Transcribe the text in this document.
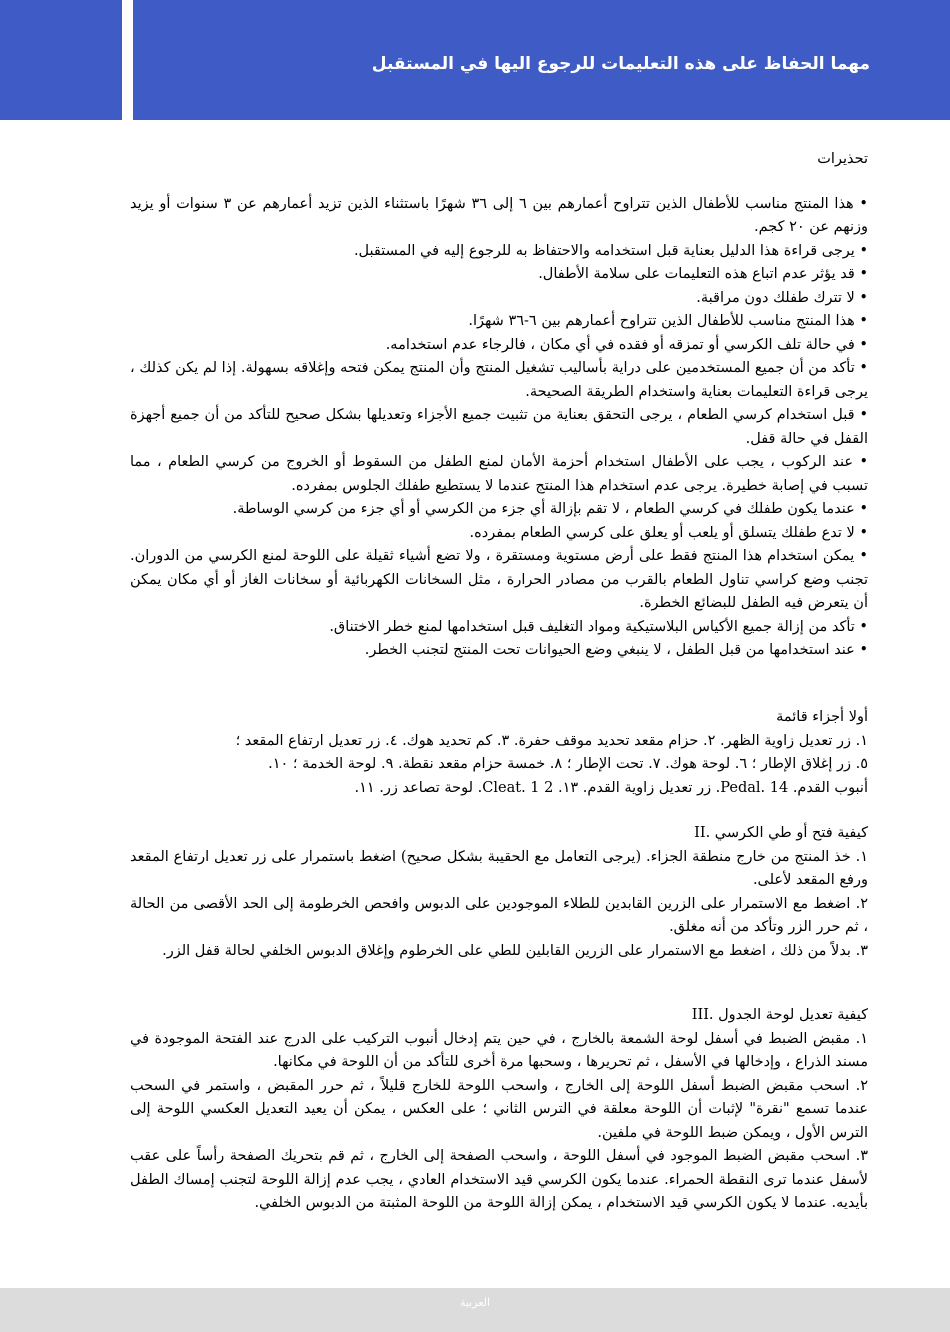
مهما الحفاظ على هذه التعليمات للرجوع اليها في المستقبل

تحذيرات

• هذا المنتج مناسب للأطفال الذين تتراوح أعمارهم بين ٦ إلى ٣٦ شهرًا باستثناء الذين تزيد أعمارهم عن ٣ سنوات أو يزيد وزنهم عن ٢٠ كجم.

• يرجى قراءة هذا الدليل بعناية قبل استخدامه والاحتفاظ به للرجوع إليه في المستقبل.

• قد يؤثر عدم اتباع هذه التعليمات على سلامة الأطفال.

• لا تترك طفلك دون مراقبة.

• هذا المنتج مناسب للأطفال الذين تتراوح أعمارهم بين ٦-٣٦ شهرًا.

• في حالة تلف الكرسي أو تمزقه أو فقده في أي مكان ، فالرجاء عدم استخدامه.

• تأكد من أن جميع المستخدمين على دراية بأساليب تشغيل المنتج وأن المنتج يمكن فتحه وإغلاقه بسهولة. إذا لم يكن كذلك ، يرجى قراءة التعليمات بعناية واستخدام الطريقة الصحيحة.

• قبل استخدام كرسي الطعام ، يرجى التحقق بعناية من تثبيت جميع الأجزاء وتعديلها بشكل صحيح للتأكد من أن جميع أجهزة القفل في حالة قفل.

• عند الركوب ، يجب على الأطفال استخدام أحزمة الأمان لمنع الطفل من السقوط أو الخروج من كرسي الطعام ، مما تسبب في إصابة خطيرة. يرجى عدم استخدام هذا المنتج عندما لا يستطيع طفلك الجلوس بمفرده.

• عندما يكون طفلك في كرسي الطعام ، لا تقم بإزالة أي جزء من الكرسي أو أي جزء من كرسي الوساطة.

• لا تدع طفلك يتسلق أو يلعب أو يعلق على كرسي الطعام بمفرده.

• يمكن استخدام هذا المنتج فقط على أرض مستوية ومستقرة ، ولا تضع أشياء ثقيلة على اللوحة لمنع الكرسي من الدوران. تجنب وضع كراسي تناول الطعام بالقرب من مصادر الحرارة ، مثل السخانات الكهربائية أو سخانات الغاز أو أي مكان يمكن أن يتعرض فيه الطفل للبضائع الخطرة.

• تأكد من إزالة جميع الأكياس البلاستيكية ومواد التغليف قبل استخدامها لمنع خطر الاختناق.

• عند استخدامها من قبل الطفل ، لا ينبغي وضع الحيوانات تحت المنتج لتجنب الخطر.

أولا أجزاء قائمة

١. زر تعديل زاوية الظهر. ٢. حزام مقعد تحديد موقف حفرة. ٣. كم تحديد هوك. ٤. زر تعديل ارتفاع المقعد ؛

٥. زر إغلاق الإطار ؛ ٦. لوحة هوك. ٧. تحت الإطار ؛ ٨. خمسة حزام مقعد نقطة. ٩. لوحة الخدمة ؛ ١٠.

أنبوب القدم. Pedal. 14. زر تعديل زاوية القدم. ١٣. Cleat. 1 2. لوحة تصاعد زر. ١١.

كيفية فتح أو طي الكرسي .II

١. خذ المنتج من خارج منطقة الجزاء. (يرجى التعامل مع الحقيبة بشكل صحيح) اضغط باستمرار على زر تعديل ارتفاع المقعد ورفع المقعد لأعلى.

٢. اضغط مع الاستمرار على الزرين القابدين للطلاء الموجودين على الدبوس وافحص الخرطومة إلى الحد الأقصى من الحالة ، ثم حرر الزر وتأكد من أنه مغلق.

٣. بدلاً من ذلك ، اضغط مع الاستمرار على الزرين القابلين للطي على الخرطوم وإغلاق الدبوس الخلفي لحالة قفل الزر.

كيفية تعديل لوحة الجدول .III

١. مقبض الضبط في أسفل لوحة الشمعة بالخارج ، في حين يتم إدخال أنبوب التركيب على الدرج عند الفتحة الموجودة في مسند الذراع ، وإدخالها في الأسفل ، ثم تحريرها ، وسحبها مرة أخرى للتأكد من أن اللوحة في مكانها.

٢. اسحب مقبض الضبط أسفل اللوحة إلى الخارج ، واسحب اللوحة للخارج قليلاً ، ثم حرر المقبض ، واستمر في السحب عندما تسمع "نقرة" لإثبات أن اللوحة معلقة في الترس الثاني ؛ على العكس ، يمكن أن يعيد التعديل العكسي اللوحة إلى الترس الأول ، ويمكن ضبط اللوحة في ملفين.

٣. اسحب مقبض الضبط الموجود في أسفل اللوحة ، واسحب الصفحة إلى الخارج ، ثم قم بتحريك الصفحة رأساً على عقب لأسفل عندما ترى النقطة الحمراء. عندما يكون الكرسي قيد الاستخدام العادي ، يجب عدم إزالة اللوحة لتجنب إمساك الطفل بأيديه. عندما لا يكون الكرسي قيد الاستخدام ، يمكن إزالة اللوحة من اللوحة المثبتة من الدبوس الخلفي.

العربية
